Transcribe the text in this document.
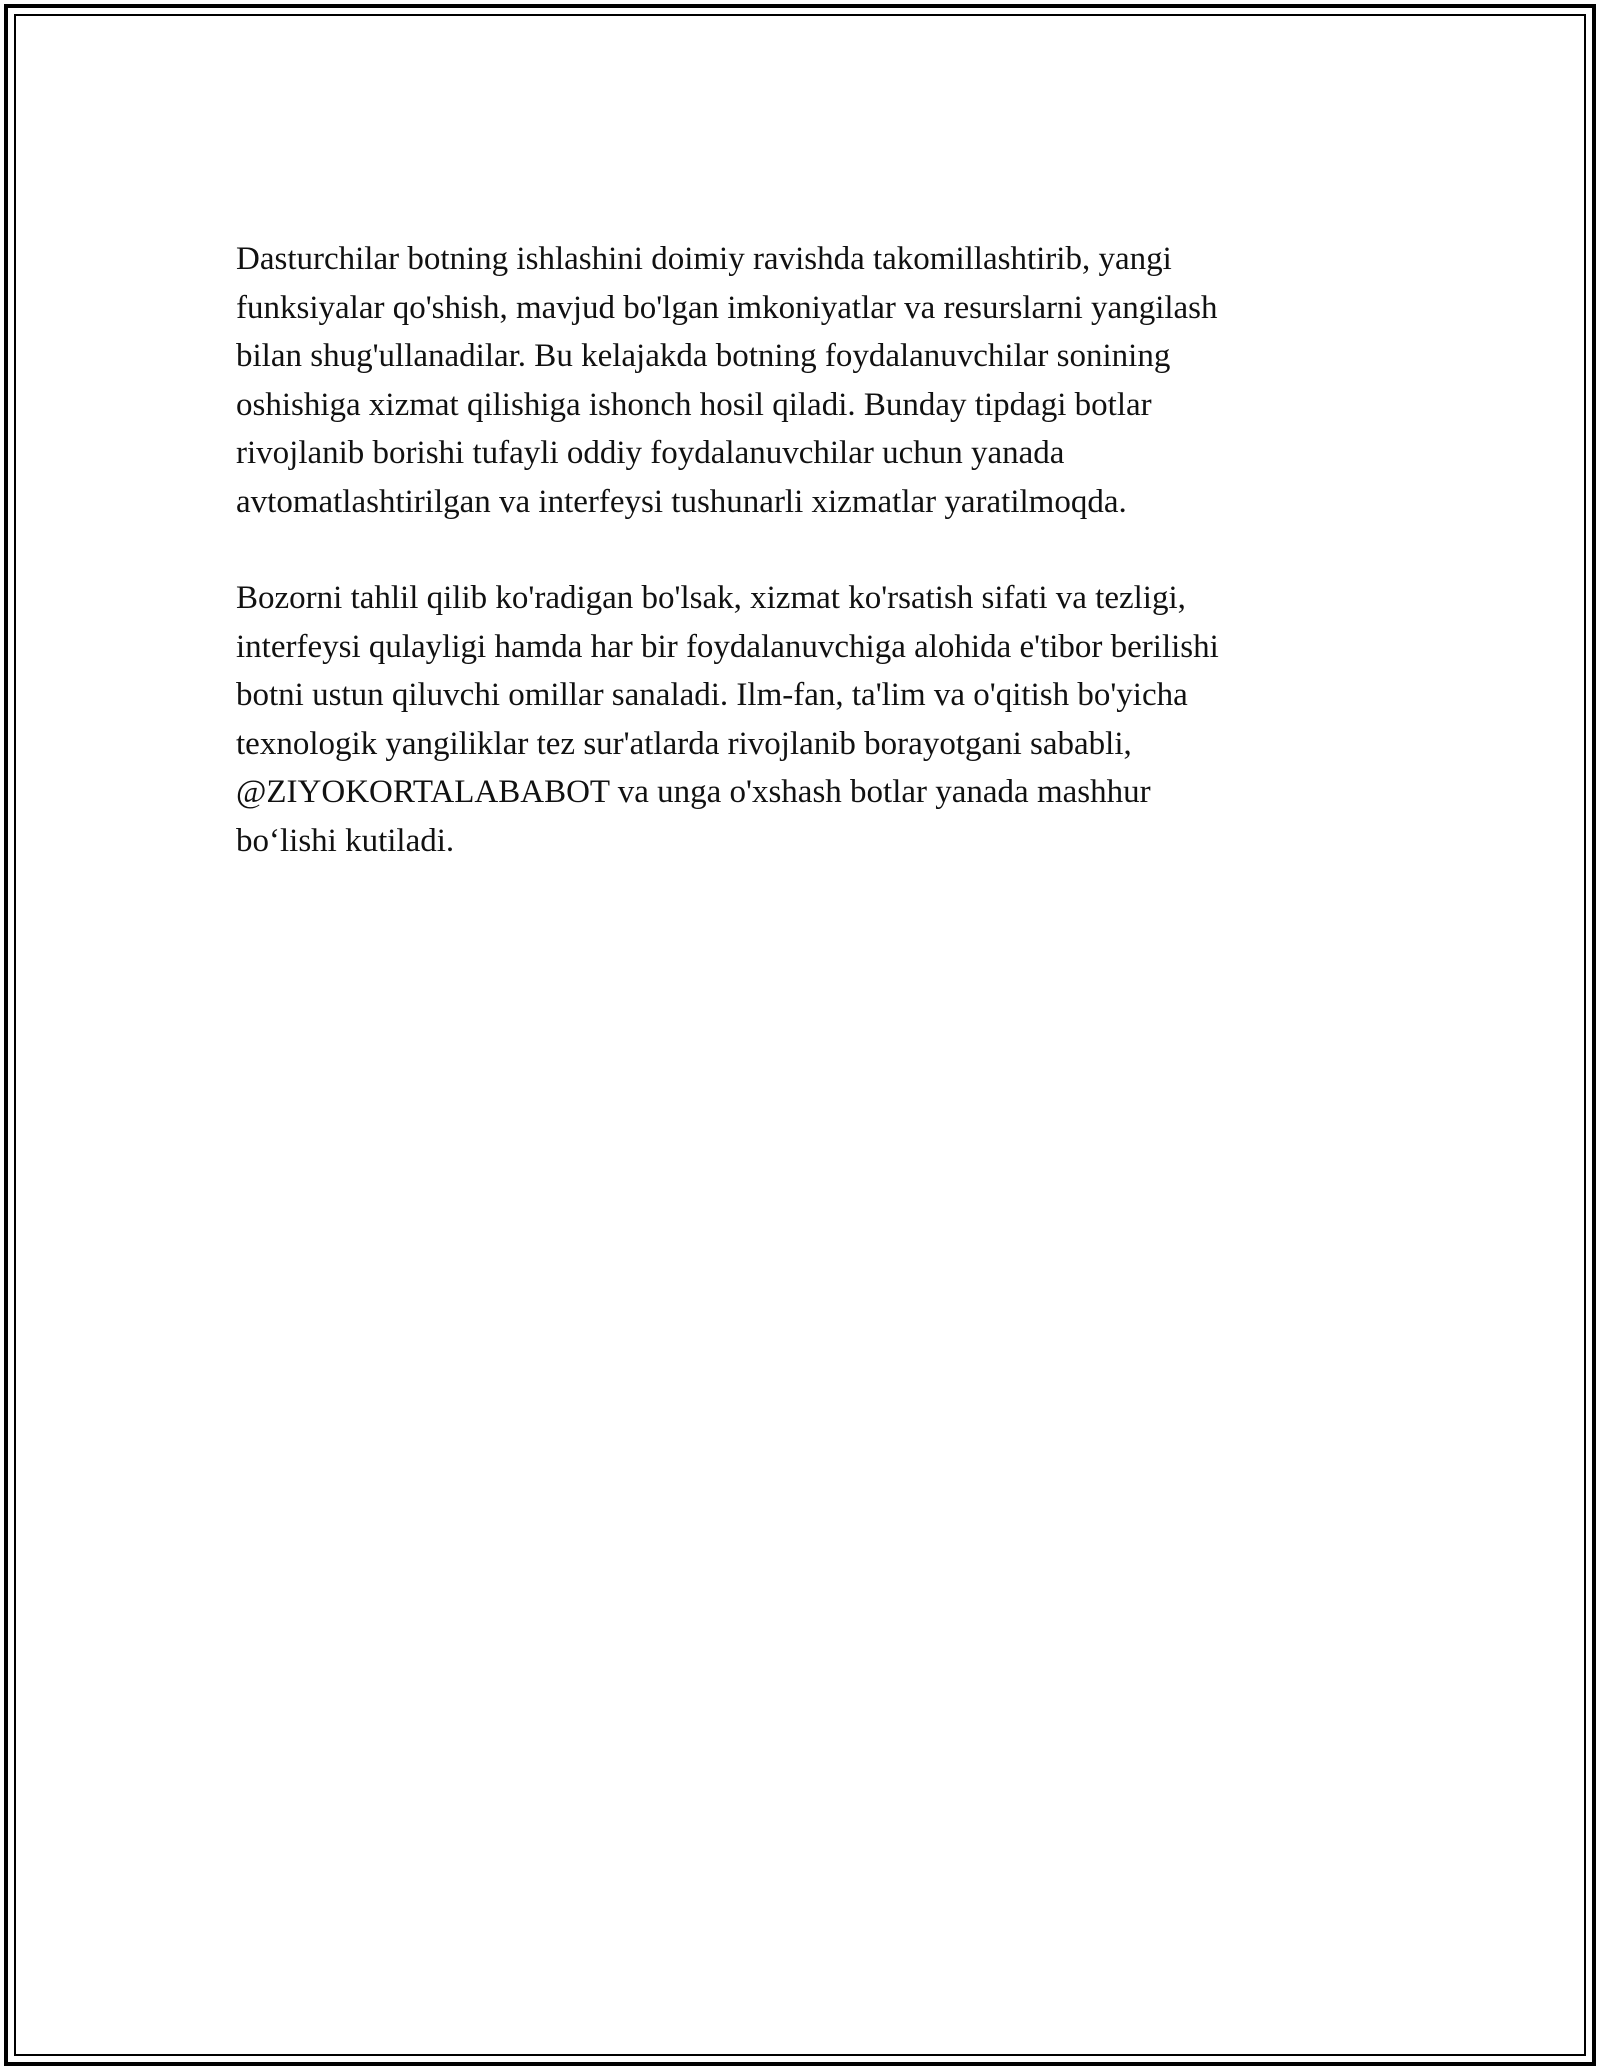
Dasturchilar botning ishlashini doimiy ravishda takomillashtirib, yangi
funksiyalar qo'shish, mavjud bo'lgan imkoniyatlar va resurslarni yangilash
bilan shug'ullanadilar. Bu kelajakda botning foydalanuvchilar sonining
oshishiga xizmat qilishiga ishonch hosil qiladi. Bunday tipdagi botlar
rivojlanib borishi tufayli oddiy foydalanuvchilar uchun yanada
avtomatlashtirilgan va interfeysi tushunarli xizmatlar yaratilmoqda.

Bozorni tahlil qilib ko'radigan bo'lsak, xizmat ko'rsatish sifati va tezligi,
interfeysi qulayligi hamda har bir foydalanuvchiga alohida e'tibor berilishi
botni ustun qiluvchi omillar sanaladi. Ilm-fan, ta'lim va o'qitish bo'yicha
texnologik yangiliklar tez sur'atlarda rivojlanib borayotgani sababli,
@ZIYOKORTALABABOT va unga o'xshash botlar yanada mashhur
bo‘lishi kutiladi.
